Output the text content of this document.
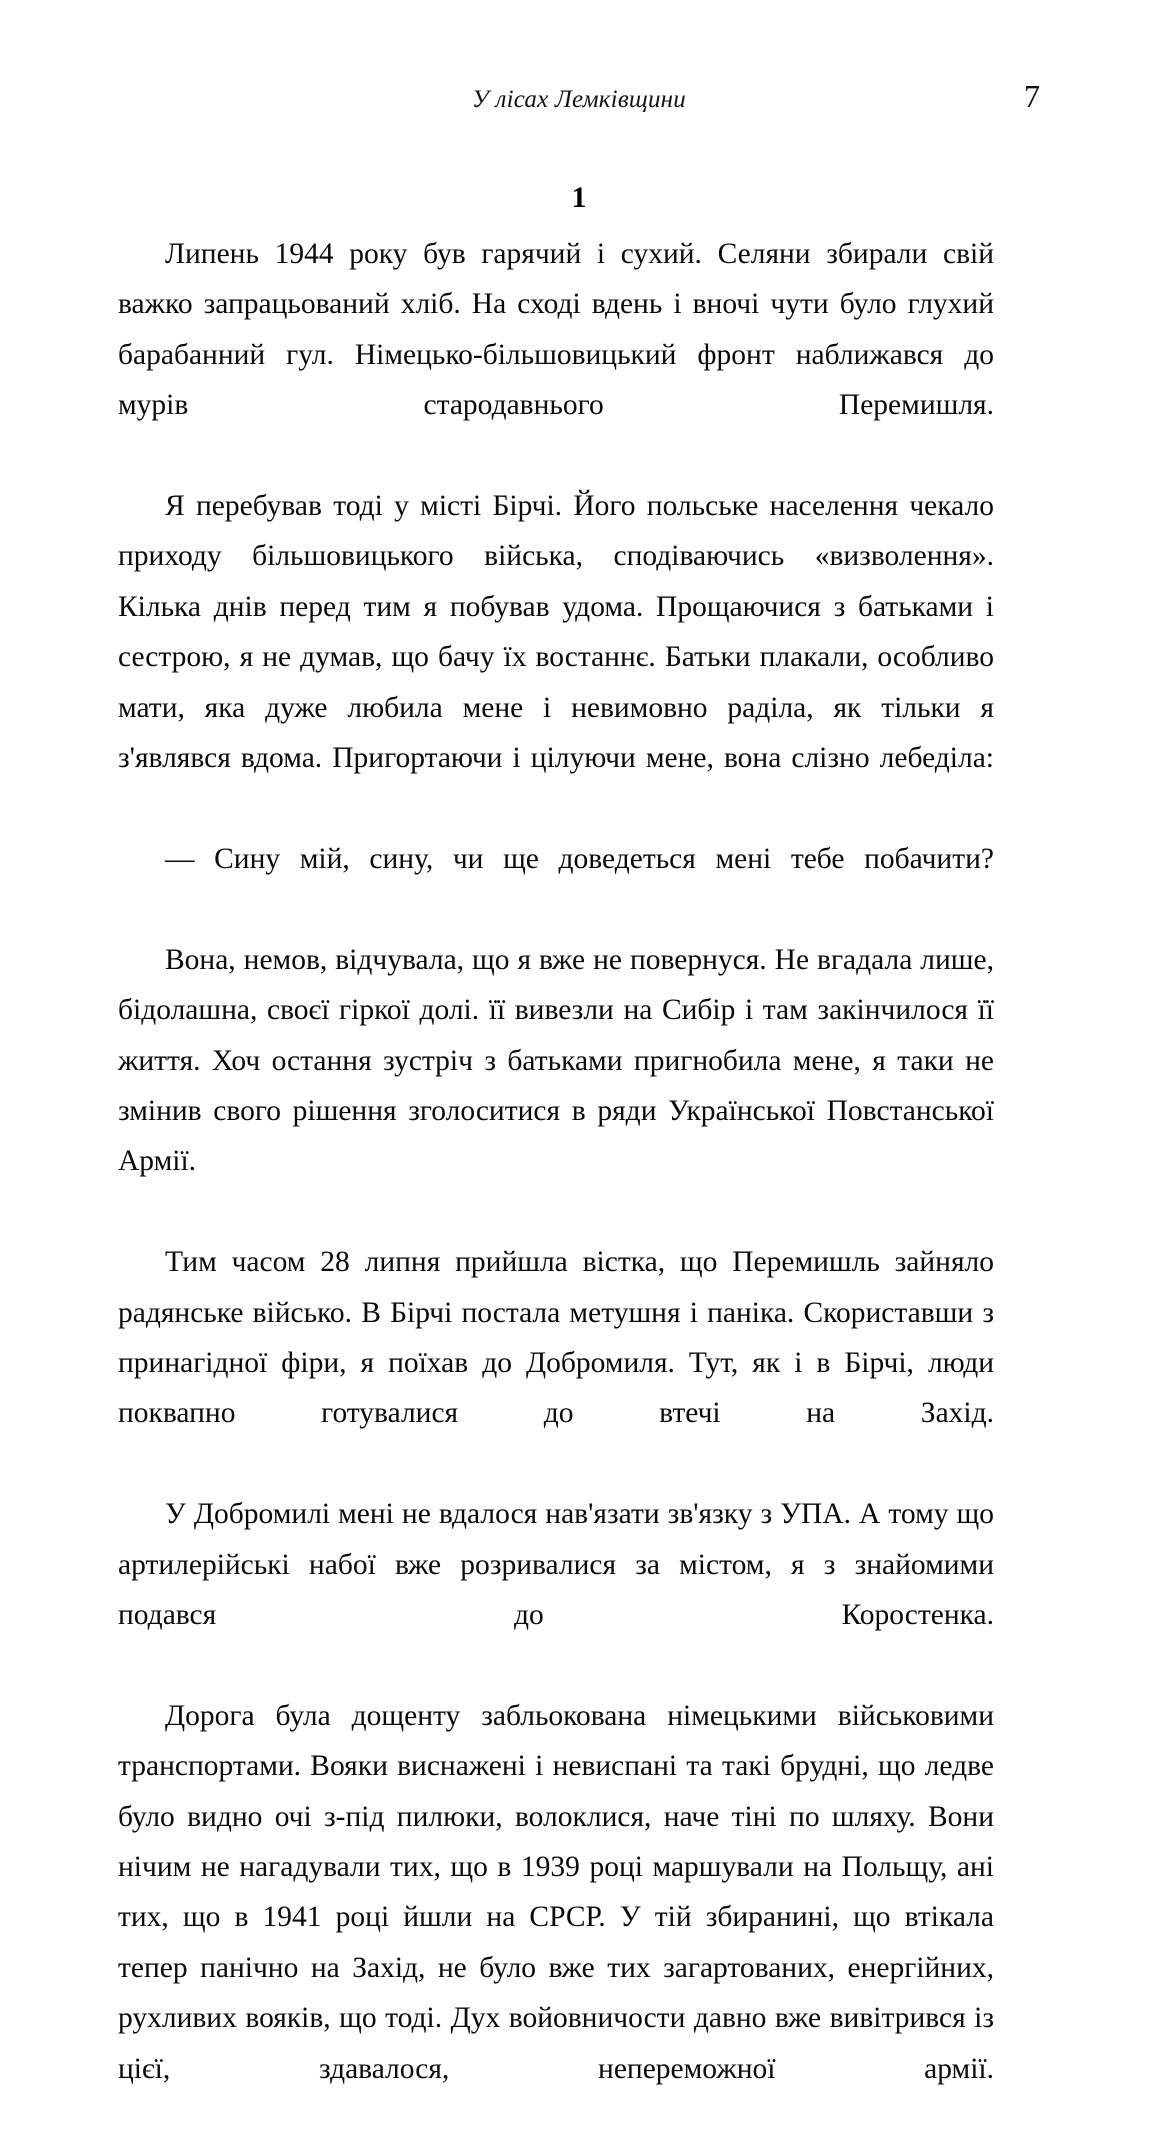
У лісах Лемківщини	7
1

Липень 1944 року був гарячий і сухий. Селяни збирали свій важко запрацьований хліб. На сході вдень і вночі чути було глухий барабанний гул. Німецько-більшовицький фронт наближався до мурів стародавнього Перемишля.

Я перебував тоді у місті Бірчі. Його польське населення чекало приходу більшовицького війська, сподіваючись «визволення». Кілька днів перед тим я побував удома. Прощаючися з батьками і сестрою, я не думав, що бачу їх востаннє. Батьки плакали, особливо мати, яка дуже любила мене і невимовно раділа, як тільки я з'являвся вдома. Пригортаючи і цілуючи мене, вона слізно лебеділа:

— Сину мій, сину, чи ще доведеться мені тебе побачити?

Вона, немов, відчувала, що я вже не повернуся. Не вгадала лише, бідолашна, своєї гіркої долі. її вивезли на Сибір і там закінчилося її життя. Хоч остання зустріч з батьками пригнобила мене, я таки не змінив свого рішення зголоситися в ряди Української Повстанської Армії.

Тим часом 28 липня прийшла вістка, що Перемишль зайняло радянське військо. В Бірчі постала метушня і паніка. Скориставши з принагідної фіри, я поїхав до Добромиля. Тут, як і в Бірчі, люди поквапно готувалися до втечі на Захід.

У Добромилі мені не вдалося нав'язати зв'язку з УПА. А тому що артилерійські набої вже розривалися за містом, я з знайомими подався до Коростенка.

Дорога була дощенту забльокована німецькими військовими транспортами. Вояки виснажені і невиспані та такі брудні, що ледве було видно очі з-під пилюки, волоклися, наче тіні по шляху. Вони нічим не нагадували тих, що в 1939 році маршували на Польщу, ані тих, що в 1941 році йшли на СРСР. У тій збиранині, що втікала тепер панічно на Захід, не було вже тих загартованих, енергійних, рухливих вояків, що тоді. Дух войовничости давно вже вивітрився із цієї, здавалося, непереможної армії.
